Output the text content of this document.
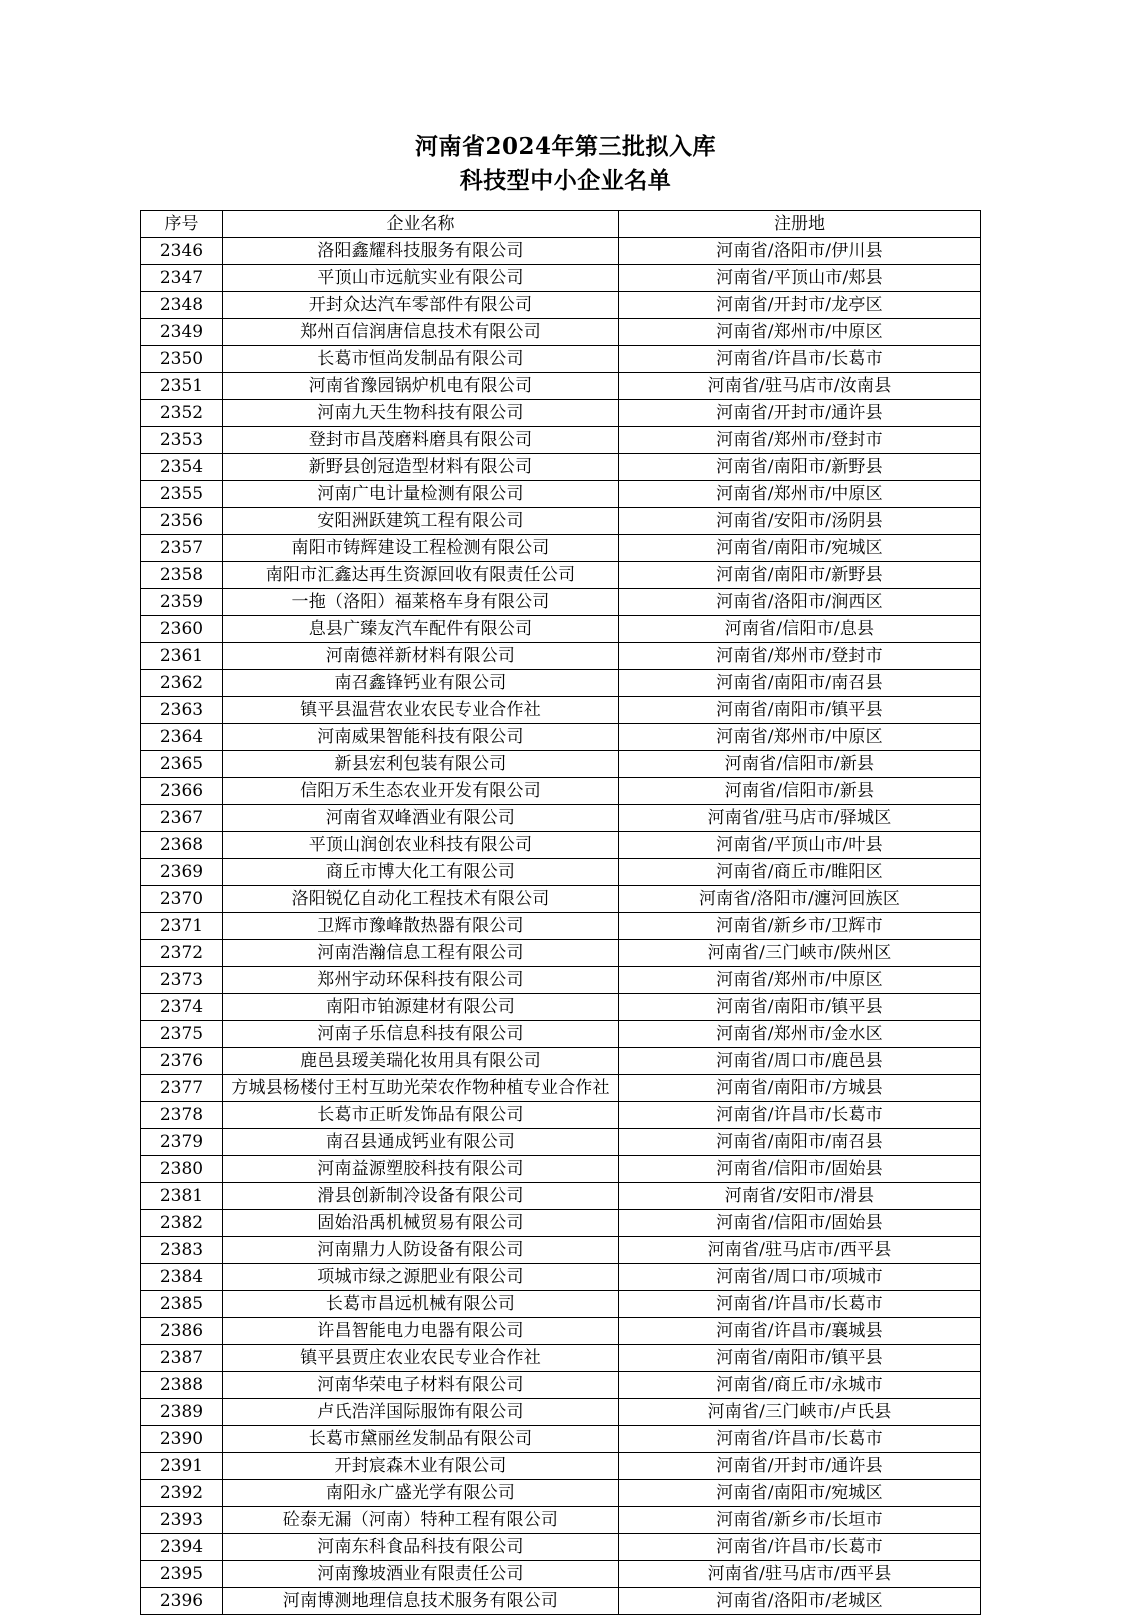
河南省2024年第三批拟入库
科技型中小企业名单
序号	企业名称	注册地
2346	洛阳鑫耀科技服务有限公司	河南省/洛阳市/伊川县
2347	平顶山市远航实业有限公司	河南省/平顶山市/郏县
2348	开封众达汽车零部件有限公司	河南省/开封市/龙亭区
2349	郑州百信润唐信息技术有限公司	河南省/郑州市/中原区
2350	长葛市恒尚发制品有限公司	河南省/许昌市/长葛市
2351	河南省豫园锅炉机电有限公司	河南省/驻马店市/汝南县
2352	河南九天生物科技有限公司	河南省/开封市/通许县
2353	登封市昌茂磨料磨具有限公司	河南省/郑州市/登封市
2354	新野县创冠造型材料有限公司	河南省/南阳市/新野县
2355	河南广电计量检测有限公司	河南省/郑州市/中原区
2356	安阳洲跃建筑工程有限公司	河南省/安阳市/汤阴县
2357	南阳市铸辉建设工程检测有限公司	河南省/南阳市/宛城区
2358	南阳市汇鑫达再生资源回收有限责任公司	河南省/南阳市/新野县
2359	一拖（洛阳）福莱格车身有限公司	河南省/洛阳市/涧西区
2360	息县广臻友汽车配件有限公司	河南省/信阳市/息县
2361	河南德祥新材料有限公司	河南省/郑州市/登封市
2362	南召鑫锋钙业有限公司	河南省/南阳市/南召县
2363	镇平县温营农业农民专业合作社	河南省/南阳市/镇平县
2364	河南威果智能科技有限公司	河南省/郑州市/中原区
2365	新县宏利包装有限公司	河南省/信阳市/新县
2366	信阳万禾生态农业开发有限公司	河南省/信阳市/新县
2367	河南省双峰酒业有限公司	河南省/驻马店市/驿城区
2368	平顶山润创农业科技有限公司	河南省/平顶山市/叶县
2369	商丘市博大化工有限公司	河南省/商丘市/睢阳区
2370	洛阳锐亿自动化工程技术有限公司	河南省/洛阳市/瀍河回族区
2371	卫辉市豫峰散热器有限公司	河南省/新乡市/卫辉市
2372	河南浩瀚信息工程有限公司	河南省/三门峡市/陕州区
2373	郑州宇动环保科技有限公司	河南省/郑州市/中原区
2374	南阳市铂源建材有限公司	河南省/南阳市/镇平县
2375	河南子乐信息科技有限公司	河南省/郑州市/金水区
2376	鹿邑县瑷美瑞化妆用具有限公司	河南省/周口市/鹿邑县
2377	方城县杨楼付王村互助光荣农作物种植专业合作社	河南省/南阳市/方城县
2378	长葛市正昕发饰品有限公司	河南省/许昌市/长葛市
2379	南召县通成钙业有限公司	河南省/南阳市/南召县
2380	河南益源塑胶科技有限公司	河南省/信阳市/固始县
2381	滑县创新制冷设备有限公司	河南省/安阳市/滑县
2382	固始沿禹机械贸易有限公司	河南省/信阳市/固始县
2383	河南鼎力人防设备有限公司	河南省/驻马店市/西平县
2384	项城市绿之源肥业有限公司	河南省/周口市/项城市
2385	长葛市昌远机械有限公司	河南省/许昌市/长葛市
2386	许昌智能电力电器有限公司	河南省/许昌市/襄城县
2387	镇平县贾庄农业农民专业合作社	河南省/南阳市/镇平县
2388	河南华荣电子材料有限公司	河南省/商丘市/永城市
2389	卢氏浩洋国际服饰有限公司	河南省/三门峡市/卢氏县
2390	长葛市黛丽丝发制品有限公司	河南省/许昌市/长葛市
2391	开封宸森木业有限公司	河南省/开封市/通许县
2392	南阳永广盛光学有限公司	河南省/南阳市/宛城区
2393	砼泰无漏（河南）特种工程有限公司	河南省/新乡市/长垣市
2394	河南东科食品科技有限公司	河南省/许昌市/长葛市
2395	河南豫坡酒业有限责任公司	河南省/驻马店市/西平县
2396	河南博测地理信息技术服务有限公司	河南省/洛阳市/老城区
